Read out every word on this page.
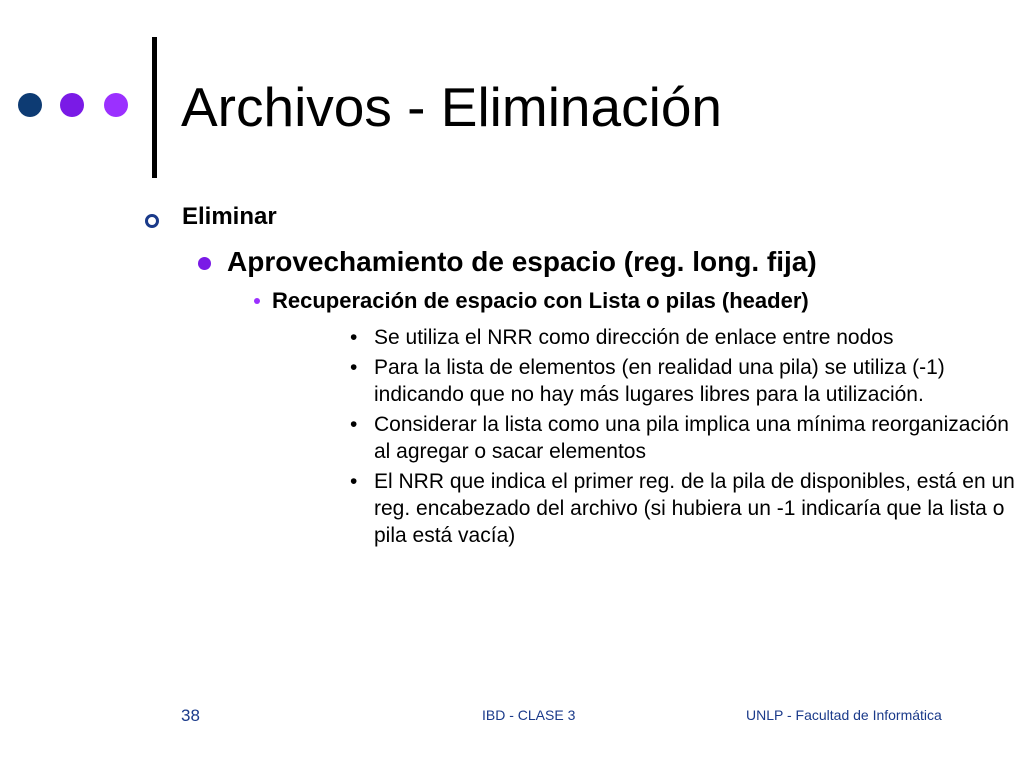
Archivos - Eliminación
Eliminar
Aprovechamiento de espacio (reg. long. fija)
Recuperación de espacio con Lista o pilas (header)
• Se utiliza el NRR como dirección de enlace entre nodos
• Para la lista de elementos (en realidad una pila) se utiliza (-1) indicando que no hay más lugares libres para la utilización.
• Considerar la lista como una pila implica una mínima reorganización al agregar o sacar elementos
• El NRR que indica el primer reg. de la pila de disponibles, está en un reg. encabezado del archivo (si hubiera un -1 indicaría que la lista o pila está vacía)
38	IBD - CLASE 3	UNLP - Facultad de Informática
